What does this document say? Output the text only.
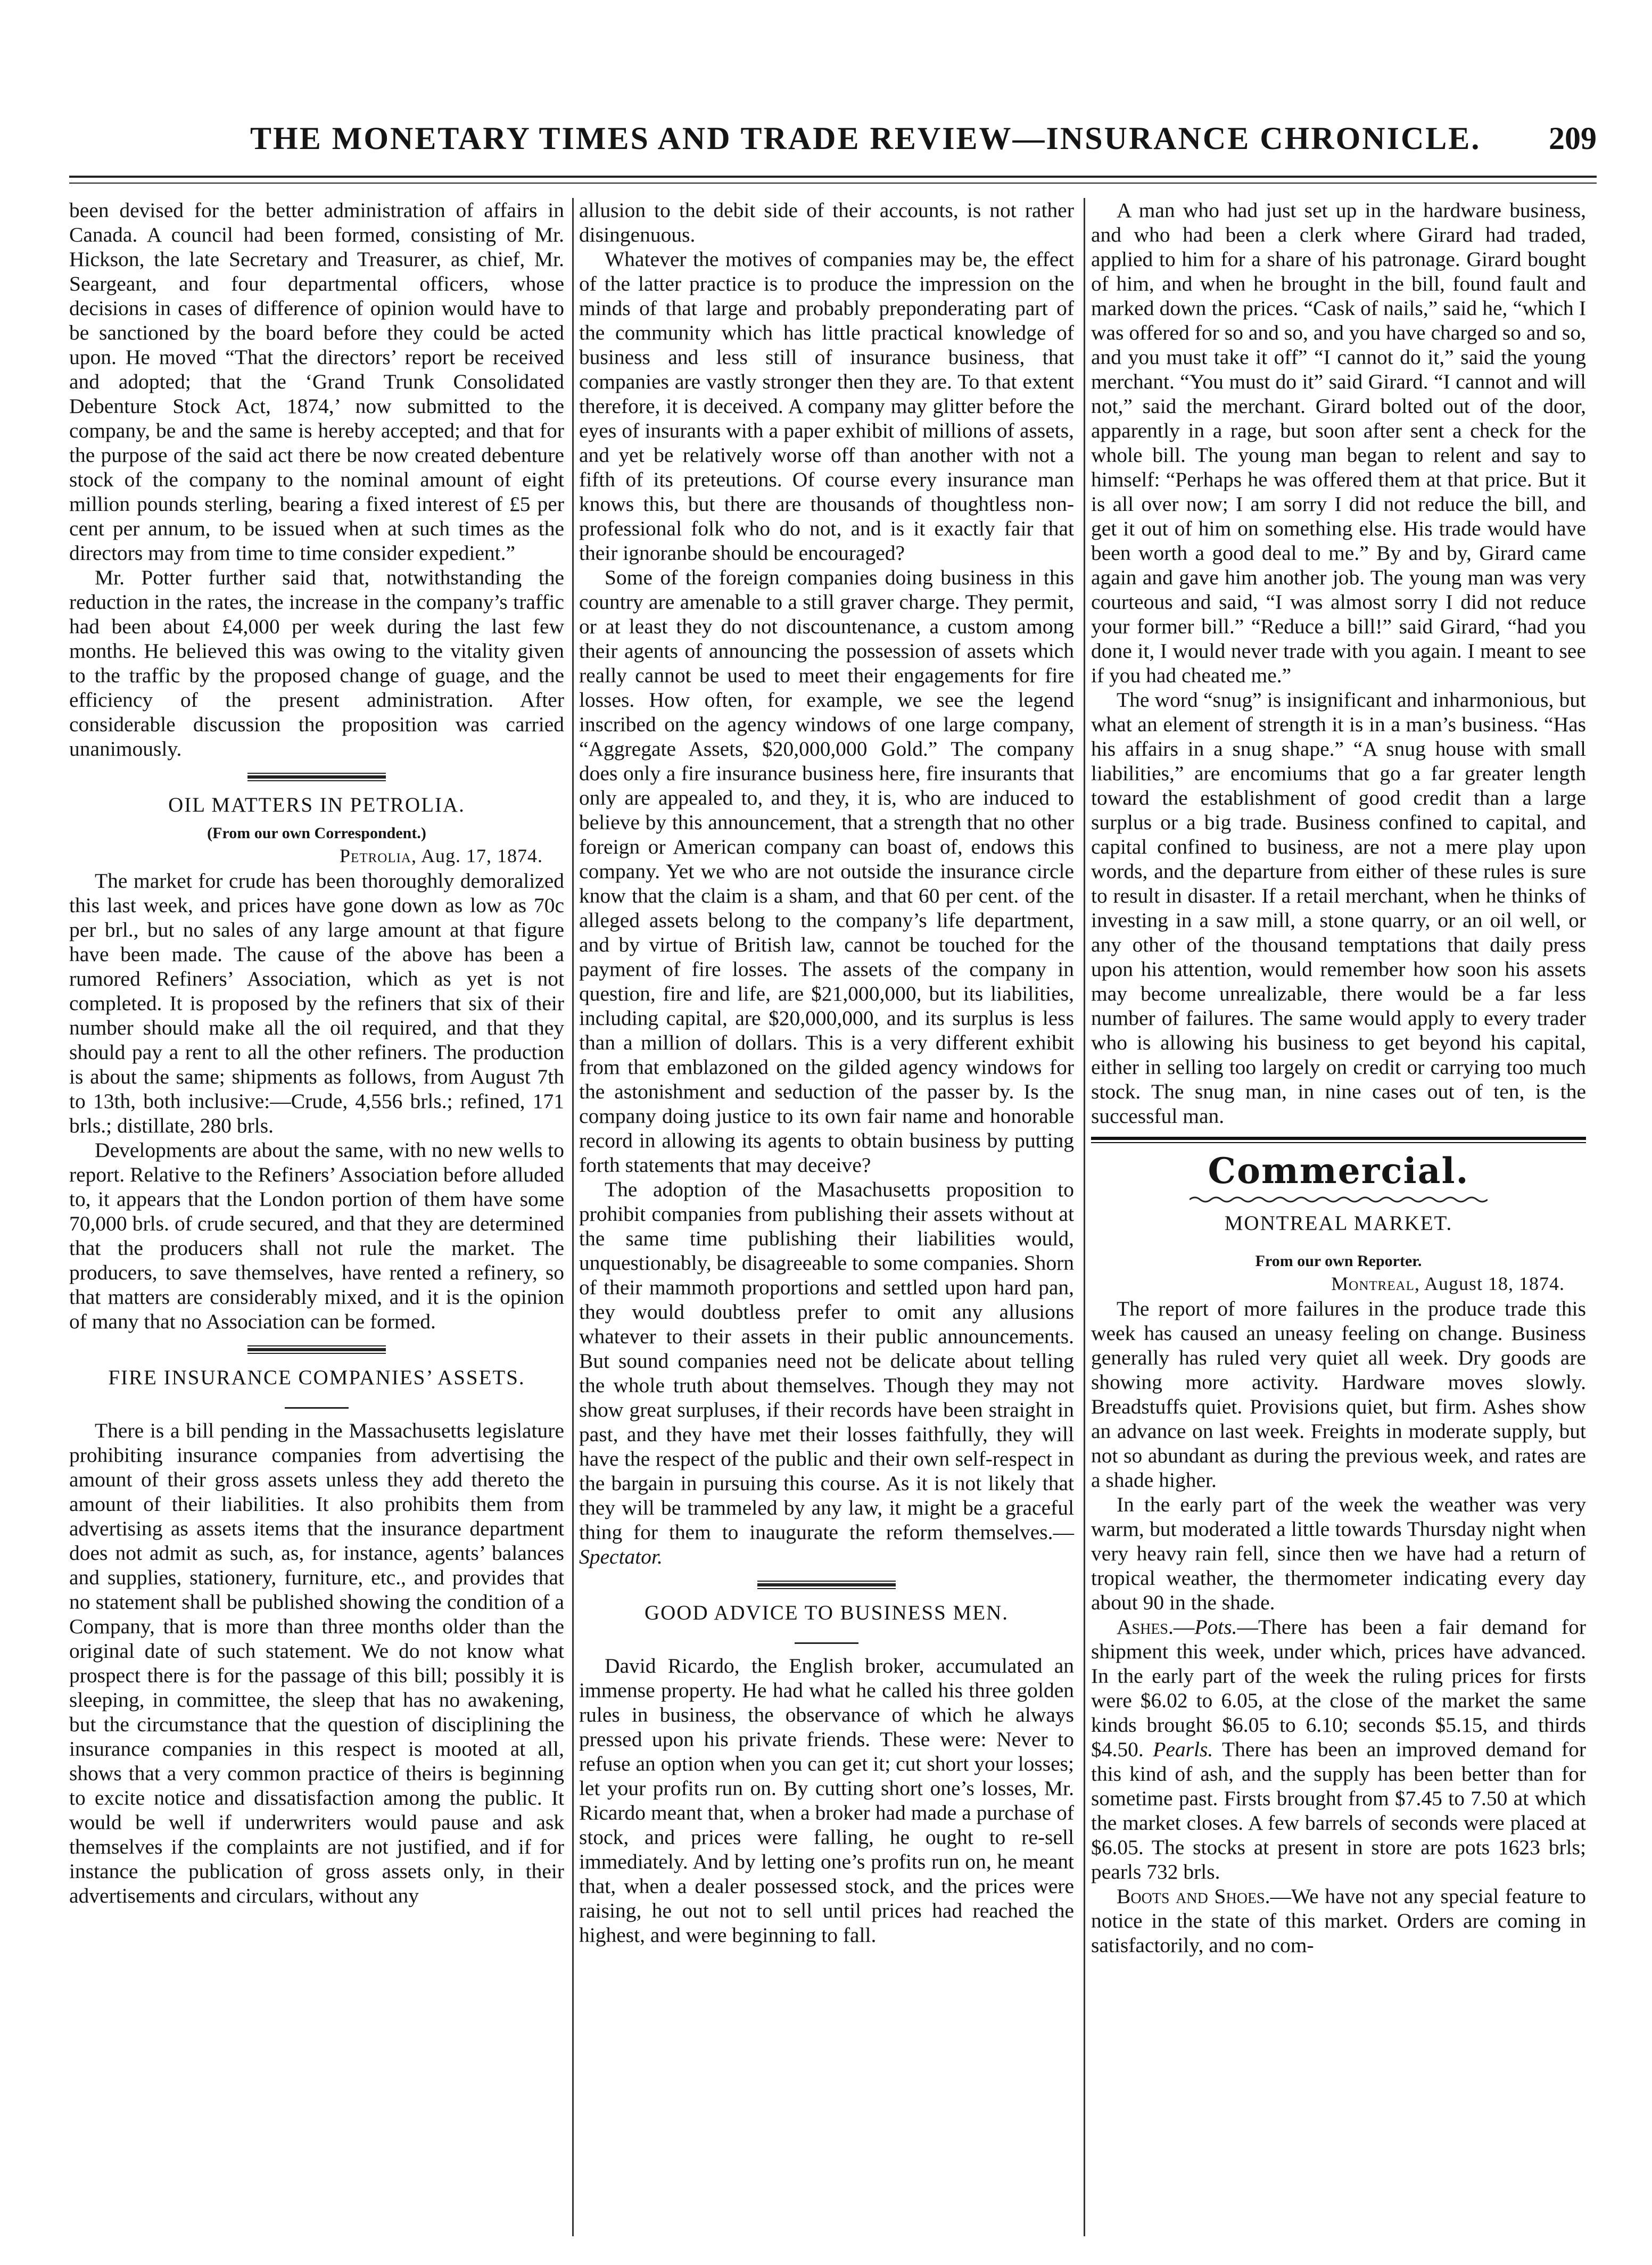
THE MONETARY TIMES AND TRADE REVIEW—INSURANCE CHRONICLE. 209

been devised for the better administration of affairs in Canada. A council had been formed, consisting of Mr. Hickson, the late Secretary and Treasurer, as chief, Mr. Seargeant, and four departmental officers, whose decisions in cases of difference of opinion would have to be sanctioned by the board before they could be acted upon. He moved “That the directors’ report be received and adopted; that the ‘Grand Trunk Consolidated Debenture Stock Act, 1874,’ now submitted to the company, be and the same is hereby accepted; and that for the purpose of the said act there be now created debenture stock of the company to the nominal amount of eight million pounds sterling, bearing a fixed interest of £5 per cent per annum, to be issued when at such times as the directors may from time to time consider expedient.”

Mr. Potter further said that, notwithstanding the reduction in the rates, the increase in the company’s traffic had been about £4,000 per week during the last few months. He believed this was owing to the vitality given to the traffic by the proposed change of guage, and the efficiency of the present administration. After considerable discussion the proposition was carried unanimously.

OIL MATTERS IN PETROLIA.
(From our own Correspondent.)
Petrolia, Aug. 17, 1874.

The market for crude has been thoroughly demoralized this last week, and prices have gone down as low as 70c per brl., but no sales of any large amount at that figure have been made. The cause of the above has been a rumored Refiners’ Association, which as yet is not completed. It is proposed by the refiners that six of their number should make all the oil required, and that they should pay a rent to all the other refiners. The production is about the same; shipments as follows, from August 7th to 13th, both inclusive:—Crude, 4,556 brls.; refined, 171 brls.; distillate, 280 brls.

Developments are about the same, with no new wells to report. Relative to the Refiners’ Association before alluded to, it appears that the London portion of them have some 70,000 brls. of crude secured, and that they are determined that the producers shall not rule the market. The producers, to save themselves, have rented a refinery, so that matters are considerably mixed, and it is the opinion of many that no Association can be formed.

FIRE INSURANCE COMPANIES’ ASSETS.

There is a bill pending in the Massachusetts legislature prohibiting insurance companies from advertising the amount of their gross assets unless they add thereto the amount of their liabilities. It also prohibits them from advertising as assets items that the insurance department does not admit as such, as, for instance, agents’ balances and supplies, stationery, furniture, etc., and provides that no statement shall be published showing the condition of a Company, that is more than three months older than the original date of such statement. We do not know what prospect there is for the passage of this bill; possibly it is sleeping, in committee, the sleep that has no awakening, but the circumstance that the question of disciplining the insurance companies in this respect is mooted at all, shows that a very common practice of theirs is beginning to excite notice and dissatisfaction among the public. It would be well if underwriters would pause and ask themselves if the complaints are not justified, and if for instance the publication of gross assets only, in their advertisements and circulars, without any

allusion to the debit side of their accounts, is not rather disingenuous.

Whatever the motives of companies may be, the effect of the latter practice is to produce the impression on the minds of that large and probably preponderating part of the community which has little practical knowledge of business and less still of insurance business, that companies are vastly stronger then they are. To that extent therefore, it is deceived. A company may glitter before the eyes of insurants with a paper exhibit of millions of assets, and yet be relatively worse off than another with not a fifth of its preteutions. Of course every insurance man knows this, but there are thousands of thoughtless non-professional folk who do not, and is it exactly fair that their ignoranbe should be encouraged?

Some of the foreign companies doing business in this country are amenable to a still graver charge. They permit, or at least they do not discountenance, a custom among their agents of announcing the possession of assets which really cannot be used to meet their engagements for fire losses. How often, for example, we see the legend inscribed on the agency windows of one large company, “Aggregate Assets, $20,000,000 Gold.” The company does only a fire insurance business here, fire insurants that only are appealed to, and they, it is, who are induced to believe by this announcement, that a strength that no other foreign or American company can boast of, endows this company. Yet we who are not outside the insurance circle know that the claim is a sham, and that 60 per cent. of the alleged assets belong to the company’s life department, and by virtue of British law, cannot be touched for the payment of fire losses. The assets of the company in question, fire and life, are $21,000,000, but its liabilities, including capital, are $20,000,000, and its surplus is less than a million of dollars. This is a very different exhibit from that emblazoned on the gilded agency windows for the astonishment and seduction of the passer by. Is the company doing justice to its own fair name and honorable record in allowing its agents to obtain business by putting forth statements that may deceive?

The adoption of the Masachusetts proposition to prohibit companies from publishing their assets without at the same time publishing their liabilities would, unquestionably, be disagreeable to some companies. Shorn of their mammoth proportions and settled upon hard pan, they would doubtless prefer to omit any allusions whatever to their assets in their public announcements. But sound companies need not be delicate about telling the whole truth about themselves. Though they may not show great surpluses, if their records have been straight in past, and they have met their losses faithfully, they will have the respect of the public and their own self-respect in the bargain in pursuing this course. As it is not likely that they will be trammeled by any law, it might be a graceful thing for them to inaugurate the reform themselves.—Spectator.

GOOD ADVICE TO BUSINESS MEN.

David Ricardo, the English broker, accumulated an immense property. He had what he called his three golden rules in business, the observance of which he always pressed upon his private friends. These were: Never to refuse an option when you can get it; cut short your losses; let your profits run on. By cutting short one’s losses, Mr. Ricardo meant that, when a broker had made a purchase of stock, and prices were falling, he ought to re-sell immediately. And by letting one’s profits run on, he meant that, when a dealer possessed stock, and the prices were raising, he out not to sell until prices had reached the highest, and were beginning to fall.

A man who had just set up in the hardware business, and who had been a clerk where Girard had traded, applied to him for a share of his patronage. Girard bought of him, and when he brought in the bill, found fault and marked down the prices. “Cask of nails,” said he, “which I was offered for so and so, and you have charged so and so, and you must take it off” “I cannot do it,” said the young merchant. “You must do it” said Girard. “I cannot and will not,” said the merchant. Girard bolted out of the door, apparently in a rage, but soon after sent a check for the whole bill. The young man began to relent and say to himself: “Perhaps he was offered them at that price. But it is all over now; I am sorry I did not reduce the bill, and get it out of him on something else. His trade would have been worth a good deal to me.” By and by, Girard came again and gave him another job. The young man was very courteous and said, “I was almost sorry I did not reduce your former bill.” “Reduce a bill!” said Girard, “had you done it, I would never trade with you again. I meant to see if you had cheated me.”

The word “snug” is insignificant and inharmonious, but what an element of strength it is in a man’s business. “Has his affairs in a snug shape.” “A snug house with small liabilities,” are encomiums that go a far greater length toward the establishment of good credit than a large surplus or a big trade. Business confined to capital, and capital confined to business, are not a mere play upon words, and the departure from either of these rules is sure to result in disaster. If a retail merchant, when he thinks of investing in a saw mill, a stone quarry, or an oil well, or any other of the thousand temptations that daily press upon his attention, would remember how soon his assets may become unrealizable, there would be a far less number of failures. The same would apply to every trader who is allowing his business to get beyond his capital, either in selling too largely on credit or carrying too much stock. The snug man, in nine cases out of ten, is the successful man.

Commercial.
MONTREAL MARKET.
From our own Reporter.
Montreal, August 18, 1874.

The report of more failures in the produce trade this week has caused an uneasy feeling on change. Business generally has ruled very quiet all week. Dry goods are showing more activity. Hardware moves slowly. Breadstuffs quiet. Provisions quiet, but firm. Ashes show an advance on last week. Freights in moderate supply, but not so abundant as during the previous week, and rates are a shade higher.

In the early part of the week the weather was very warm, but moderated a little towards Thursday night when very heavy rain fell, since then we have had a return of tropical weather, the thermometer indicating every day about 90 in the shade.

Ashes.—Pots.—There has been a fair demand for shipment this week, under which, prices have advanced. In the early part of the week the ruling prices for firsts were $6.02 to 6.05, at the close of the market the same kinds brought $6.05 to 6.10; seconds $5.15, and thirds $4.50. Pearls. There has been an improved demand for this kind of ash, and the supply has been better than for sometime past. Firsts brought from $7.45 to 7.50 at which the market closes. A few barrels of seconds were placed at $6.05. The stocks at present in store are pots 1623 brls; pearls 732 brls.

Boots and Shoes.—We have not any special feature to notice in the state of this market. Orders are coming in satisfactorily, and no com-
